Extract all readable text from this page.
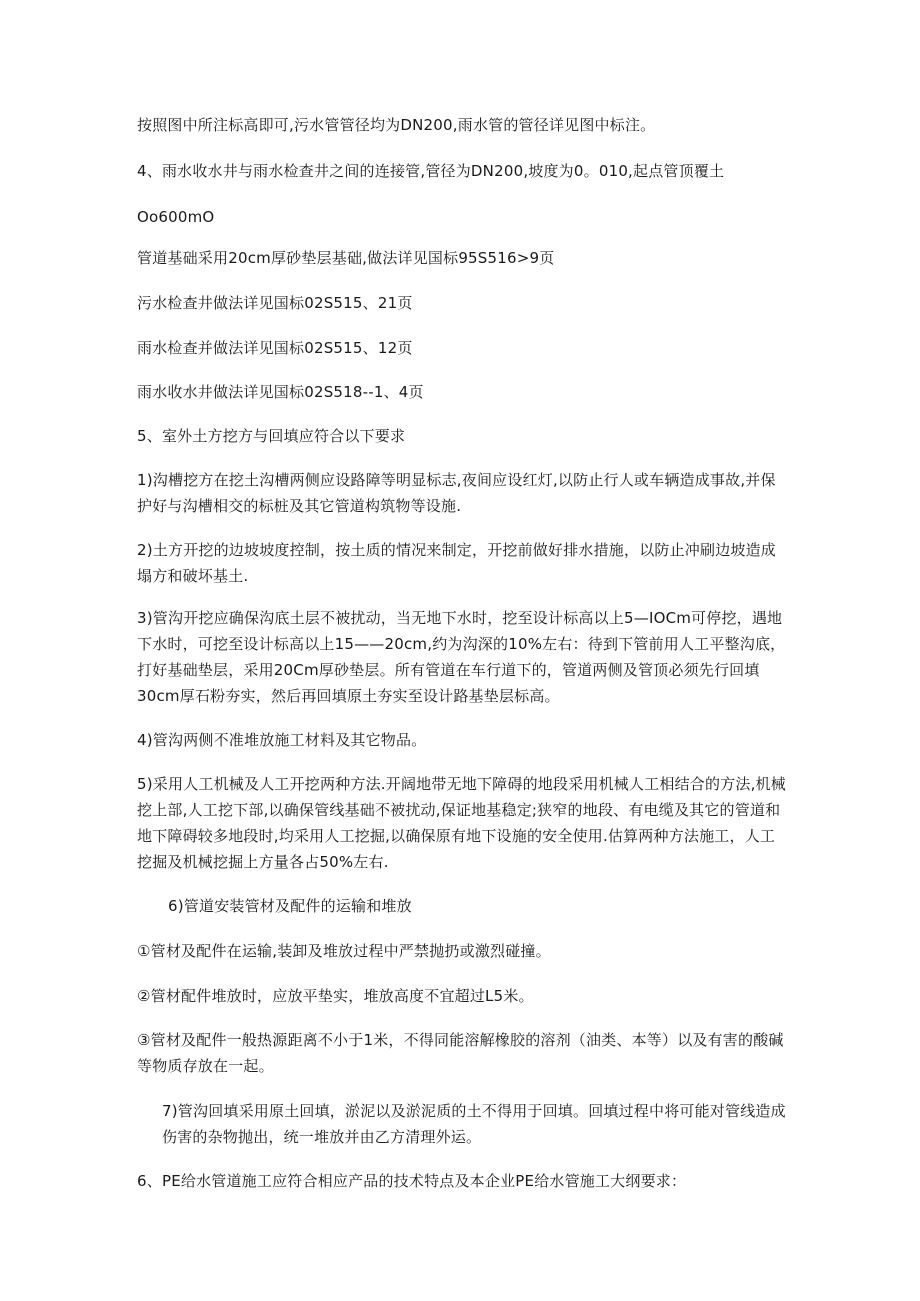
按照图中所注标高即可,污水管管径均为DN200,雨水管的管径详见图中标注。

4、雨水收水井与雨水检查井之间的连接管,管径为DN200,坡度为0。010,起点管顶覆土

Oo600mO

管道基础采用20cm厚砂垫层基础,做法详见国标95S516>9页

污水检查井做法详见国标02S515、21页

雨水检查并做法详见国标02S515、12页

雨水收水井做法详见国标02S518--1、4页

5、室外土方挖方与回填应符合以下要求

1)沟槽挖方在挖土沟槽两侧应设路障等明显标志,夜间应设红灯,以防止行人或车辆造成事故,并保护好与沟槽相交的标桩及其它管道构筑物等设施.

2)土方开挖的边坡坡度控制，按土质的情况来制定，开挖前做好排水措施，以防止冲刷边坡造成塌方和破坏基土.

3)管沟开挖应确保沟底土层不被扰动，当无地下水时，挖至设计标高以上5—IOCm可停挖，遇地下水时，可挖至设计标高以上15——20cm,约为沟深的10%左右：待到下管前用人工平整沟底，打好基础垫层，采用20Cm厚砂垫层。所有管道在车行道下的，管道两侧及管顶必须先行回填30cm厚石粉夯实，然后再回填原土夯实至设计路基垫层标高。

4)管沟两侧不准堆放施工材料及其它物品。

5)采用人工机械及人工开挖两种方法.开阔地带无地下障碍的地段采用机械人工相结合的方法,机械挖上部,人工挖下部,以确保管线基础不被扰动,保证地基稳定;狭窄的地段、有电缆及其它的管道和地下障碍较多地段时,均采用人工挖掘,以确保原有地下设施的安全使用.估算两种方法施工，人工挖掘及机械挖掘上方量各占50%左右.

6)管道安装管材及配件的运输和堆放

①管材及配件在运输,装卸及堆放过程中严禁抛扔或激烈碰撞。

②管材配件堆放时，应放平垫实，堆放高度不宜超过L5米。

③管材及配件一般热源距离不小于1米，不得同能溶解橡胶的溶剂（油类、本等）以及有害的酸碱等物质存放在一起。

7)管沟回填采用原土回填，淤泥以及淤泥质的土不得用于回填。回填过程中将可能对管线造成伤害的杂物抛出，统一堆放并由乙方清理外运。

6、PE给水管道施工应符合相应产品的技术特点及本企业PE给水管施工大纲要求：
